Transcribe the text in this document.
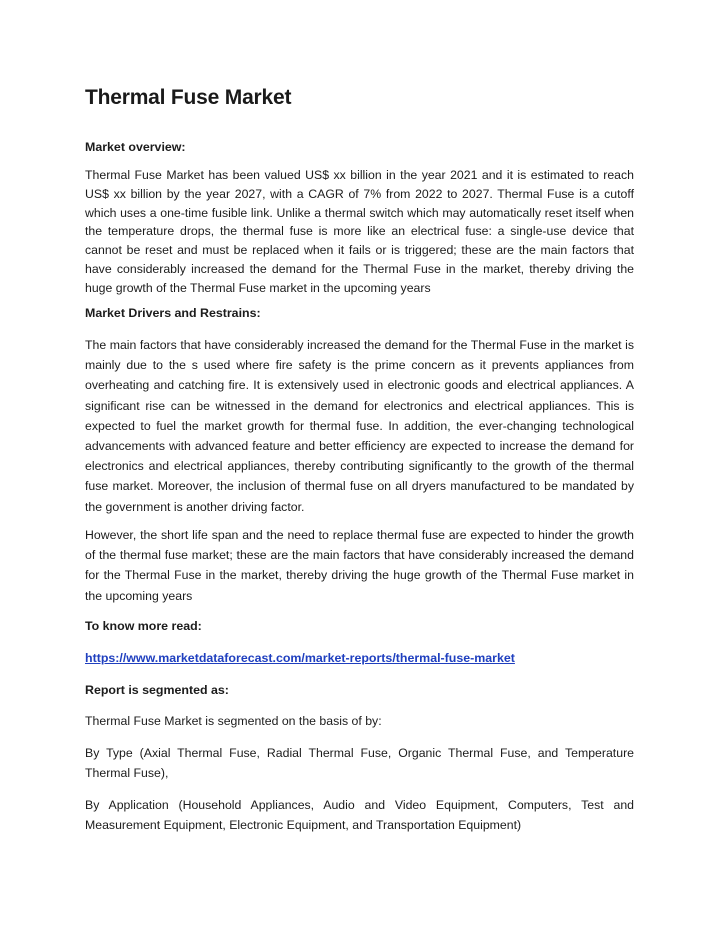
Thermal Fuse Market

Market overview:

Thermal Fuse Market has been valued US$ xx billion in the year 2021 and it is estimated to reach US$ xx billion by the year 2027, with a CAGR of 7% from 2022 to 2027. Thermal Fuse is a cutoff which uses a one-time fusible link. Unlike a thermal switch which may automatically reset itself when the temperature drops, the thermal fuse is more like an electrical fuse: a single-use device that cannot be reset and must be replaced when it fails or is triggered; these are the main factors that have considerably increased the demand for the Thermal Fuse in the market, thereby driving the huge growth of the Thermal Fuse market in the upcoming years

Market Drivers and Restrains:

The main factors that have considerably increased the demand for the Thermal Fuse in the market is mainly due to the s used where fire safety is the prime concern as it prevents appliances from overheating and catching fire. It is extensively used in electronic goods and electrical appliances. A significant rise can be witnessed in the demand for electronics and electrical appliances. This is expected to fuel the market growth for thermal fuse. In addition, the ever-changing technological advancements with advanced feature and better efficiency are expected to increase the demand for electronics and electrical appliances, thereby contributing significantly to the growth of the thermal fuse market. Moreover, the inclusion of thermal fuse on all dryers manufactured to be mandated by the government is another driving factor.

However, the short life span and the need to replace thermal fuse are expected to hinder the growth of the thermal fuse market; these are the main factors that have considerably increased the demand for the Thermal Fuse in the market, thereby driving the huge growth of the Thermal Fuse market in the upcoming years

To know more read:

https://www.marketdataforecast.com/market-reports/thermal-fuse-market

Report is segmented as:

Thermal Fuse Market is segmented on the basis of by:

By Type (Axial Thermal Fuse, Radial Thermal Fuse, Organic Thermal Fuse, and Temperature Thermal Fuse),

By Application (Household Appliances, Audio and Video Equipment, Computers, Test and Measurement Equipment, Electronic Equipment, and Transportation Equipment)
